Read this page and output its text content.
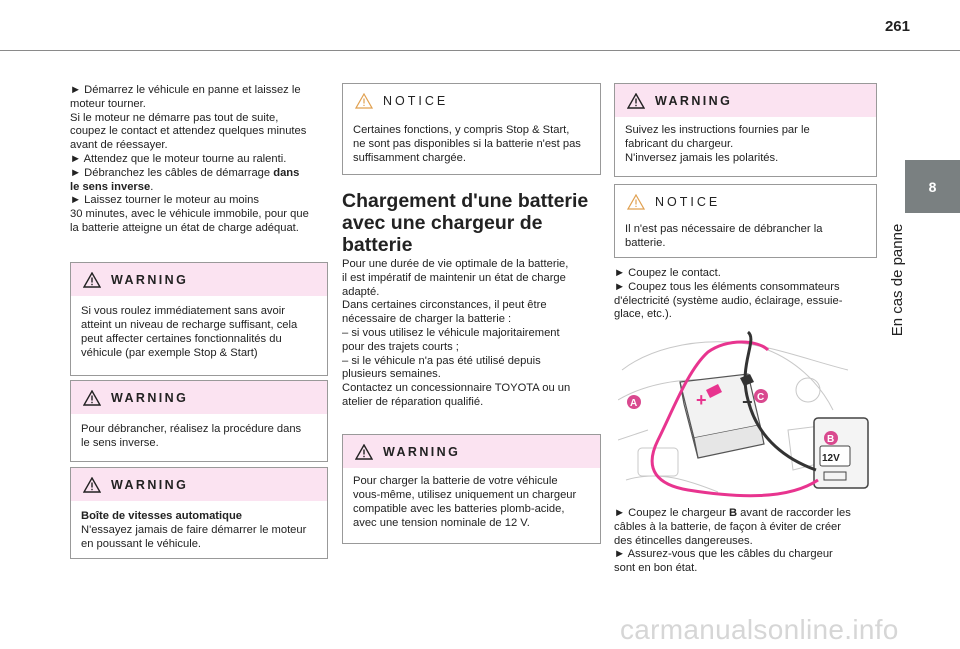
261
8
En cas de panne

► Démarrez le véhicule en panne et laissez le

moteur tourner.

Si le moteur ne démarre pas tout de suite,

coupez le contact et attendez quelques minutes

avant de réessayer.

► Attendez que le moteur tourne au ralenti.

► Débranchez les câbles de démarrage dans

le sens inverse.

► Laissez tourner le moteur au moins

30 minutes, avec le véhicule immobile, pour que

la batterie atteigne un état de charge adéquat.

WARNING

Si vous roulez immédiatement sans avoir

atteint un niveau de recharge suffisant, cela

peut affecter certaines fonctionnalités du

véhicule (par exemple Stop & Start)

WARNING

Pour débrancher, réalisez la procédure dans

le sens inverse.

WARNING

Boîte de vitesses automatique

N'essayez jamais de faire démarrer le moteur

en poussant le véhicule.

NOTICE

Certaines fonctions, y compris Stop & Start,

ne sont pas disponibles si la batterie n'est pas

suffisamment chargée.

Chargement d'une batterie
avec une chargeur de
batterie

Pour une durée de vie optimale de la batterie,

il est impératif de maintenir un état de charge

adapté.

Dans certaines circonstances, il peut être

nécessaire de charger la batterie :

– si vous utilisez le véhicule majoritairement

pour des trajets courts ;

– si le véhicule n'a pas été utilisé depuis

plusieurs semaines.

Contactez un concessionnaire TOYOTA ou un

atelier de réparation qualifié.

WARNING

Pour charger la batterie de votre véhicule

vous-même, utilisez uniquement un chargeur

compatible avec les batteries plomb-acide,

avec une tension nominale de 12 V.

WARNING

Suivez les instructions fournies par le

fabricant du chargeur.

N'inversez jamais les polarités.

NOTICE

Il n'est pas nécessaire de débrancher la

batterie.

► Coupez le contact.

► Coupez tous les éléments consommateurs

d'électricité (système audio, éclairage, essuie-

glace, etc.).

12V
+ −
A
C
B

► Coupez le chargeur B avant de raccorder les

câbles à la batterie, de façon à éviter de créer

des étincelles dangereuses.

► Assurez-vous que les câbles du chargeur

sont en bon état.

carmanualsonline.info
